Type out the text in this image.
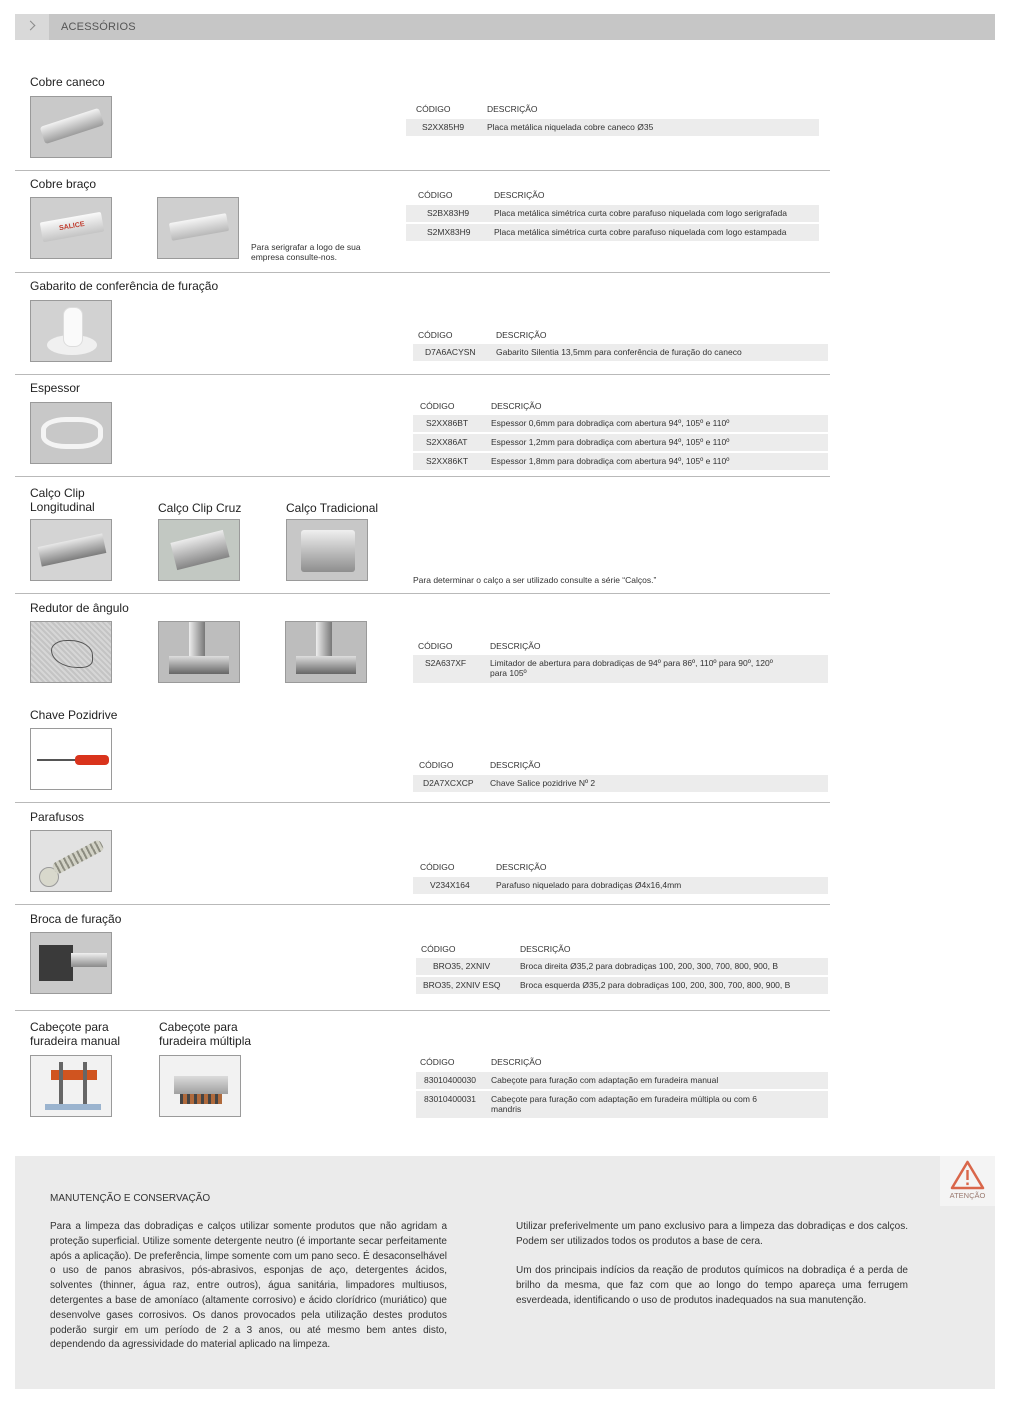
ACESSÓRIOS
Cobre caneco
CÓDIGO	DESCRIÇÃO
S2XX85H9	Placa metálica niquelada cobre caneco Ø35
Cobre braço
SALICE
Para serigrafar a logo de sua empresa consulte-nos.
CÓDIGO	DESCRIÇÃO
S2BX83H9	Placa metálica simétrica curta cobre parafuso niquelada com logo serigrafada
S2MX83H9	Placa metálica simétrica curta cobre parafuso niquelada com logo estampada
Gabarito de conferência de furação
CÓDIGO	DESCRIÇÃO
D7A6ACYSN Gabarito Silentia 13,5mm para conferência de furação do caneco
Espessor
CÓDIGO	DESCRIÇÃO
S2XX86BT	Espessor 0,6mm para dobradiça com abertura 94º, 105º e 110º
S2XX86AT	Espessor 1,2mm para dobradiça com abertura 94º, 105º e 110º
S2XX86KT	Espessor 1,8mm para dobradiça com abertura 94º, 105º e 110º
Calço Clip Longitudinal	Calço Clip Cruz	Calço Tradicional
Para determinar o calço a ser utilizado consulte a série “Calços.”
Redutor de ângulo
CÓDIGO	DESCRIÇÃO
S2A637XF	Limitador de abertura para dobradiças de 94º para 86º, 110º para 90º, 120º para 105º
Chave Pozidrive
CÓDIGO	DESCRIÇÃO
D2A7XCXCP Chave Salice pozidrive Nº 2
Parafusos
CÓDIGO	DESCRIÇÃO
V234X164	Parafuso niquelado para dobradiças Ø4x16,4mm
Broca de furação
CÓDIGO	DESCRIÇÃO
BRO35, 2XNIV	Broca direita Ø35,2 para dobradiças 100, 200, 300, 700, 800, 900, B
BRO35, 2XNIV ESQ Broca esquerda Ø35,2 para dobradiças 100, 200, 300, 700, 800, 900, B
Cabeçote para furadeira manual
Cabeçote para furadeira múltipla
CÓDIGO	DESCRIÇÃO
83010400030 Cabeçote para furação com adaptação em furadeira manual
83010400031 Cabeçote para furação com adaptação em furadeira múltipla ou com 6 mandris
MANUTENÇÃO E CONSERVAÇÃO
Para a limpeza das dobradiças e calços utilizar somente produtos que não agridam a proteção superficial. Utilize somente detergente neutro (é importante secar perfeitamente após a aplicação). De preferência, limpe somente com um pano seco. É desaconselhável o uso de panos abrasivos, pós-abrasivos, esponjas de aço, detergentes ácidos, solventes (thinner, água raz, entre outros), água sanitária, limpadores multiusos, detergentes a base de amoníaco (altamente corrosivo) e ácido clorídrico (muriático) que desenvolve gases corrosivos. Os danos provocados pela utilização destes produtos poderão surgir em um período de 2 a 3 anos, ou até mesmo bem antes disto, dependendo da agressividade do material aplicado na limpeza.
Utilizar preferivelmente um pano exclusivo para a limpeza das dobradiças e dos calços. Podem ser utilizados todos os produtos a base de cera.
Um dos principais indícios da reação de produtos químicos na dobradiça é a perda de brilho da mesma, que faz com que ao longo do tempo apareça uma ferrugem esverdeada, identificando o uso de produtos inadequados na sua manutenção.
ATENÇÃO
